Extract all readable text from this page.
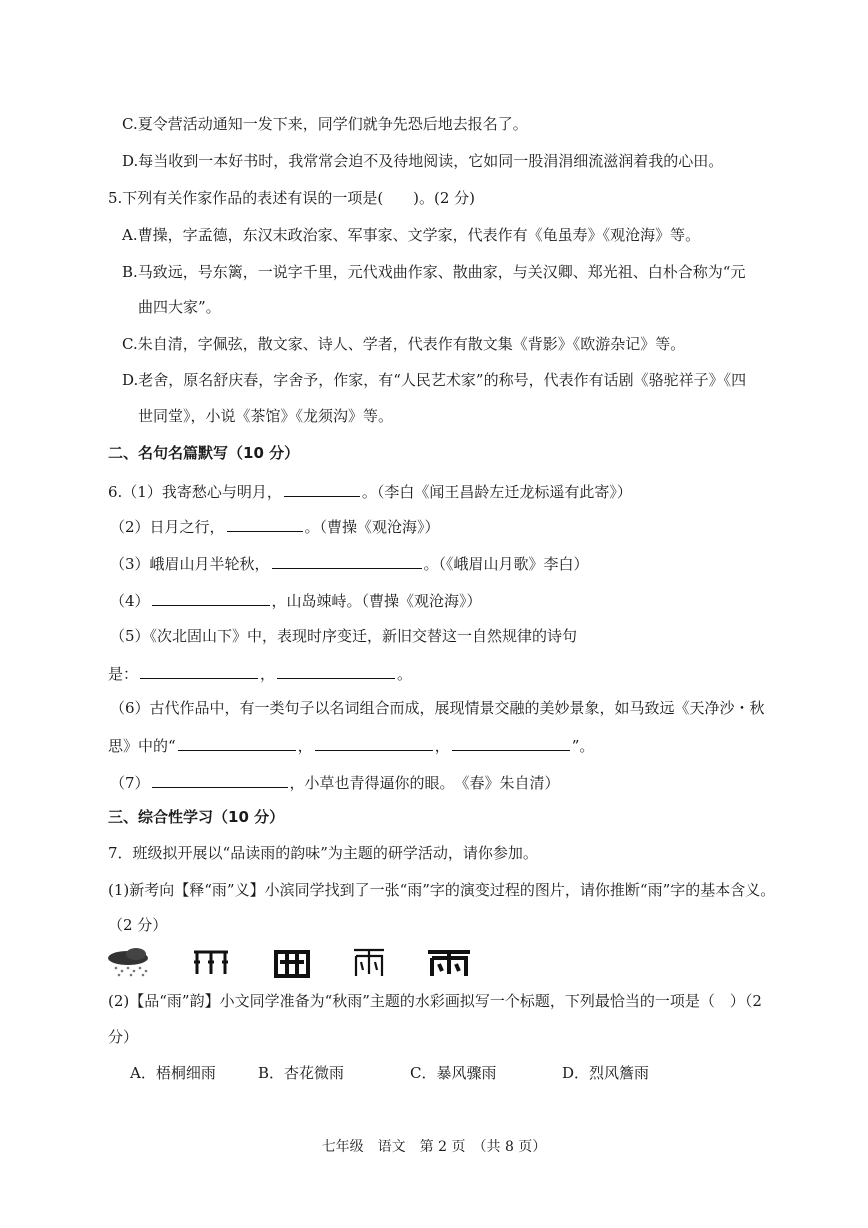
C.夏令营活动通知一发下来，同学们就争先恐后地去报名了。
D.每当收到一本好书时，我常常会迫不及待地阅读，它如同一股涓涓细流滋润着我的心田。
5.下列有关作家作品的表述有误的一项是(　　)。(2 分)
A.曹操，字孟德，东汉末政治家、军事家、文学家，代表作有《龟虽寿》《观沧海》等。
B.马致远，号东篱，一说字千里，元代戏曲作家、散曲家，与关汉卿、郑光祖、白朴合称为“元
曲四大家”。
C.朱自清，字佩弦，散文家、诗人、学者，代表作有散文集《背影》《欧游杂记》等。
D.老舍，原名舒庆春，字舍予，作家，有“人民艺术家”的称号，代表作有话剧《骆驼祥子》《四
世同堂》，小说《茶馆》《龙须沟》等。
二、名句名篇默写（10 分）
6.（1）我寄愁心与明月，	。（李白《闻王昌龄左迁龙标遥有此寄》）
（2）日月之行，	。（曹操《观沧海》）
（3）峨眉山月半轮秋，	。（《峨眉山月歌》李白）
（4）	，山岛竦峙。（曹操《观沧海》）
（5）《次北固山下》中，表现时序变迁，新旧交替这一自然规律的诗句
是：	，	。
（6）古代作品中，有一类句子以名词组合而成，展现情景交融的美妙景象，如马致远《天净沙・秋
思》中的“	，	，	”。
（7）	，小草也青得逼你的眼。　《春》朱自清）
三、综合性学习（10 分）
7．班级拟开展以“品读雨的韵味”为主题的研学活动，请你参加。
(1)新考向【释“雨”义】小滨同学找到了一张“雨”字的演变过程的图片，请你推断“雨”字的基本含义。
（2 分）
(2)【品“雨”韵】小文同学准备为“秋雨”主题的水彩画拟写一个标题，下列最恰当的一项是（　）（2
分）
A．梧桐细雨	B．杏花微雨	C．暴风骤雨	D．烈风簷雨
七年级　语文　第 2 页　（共 8 页）
